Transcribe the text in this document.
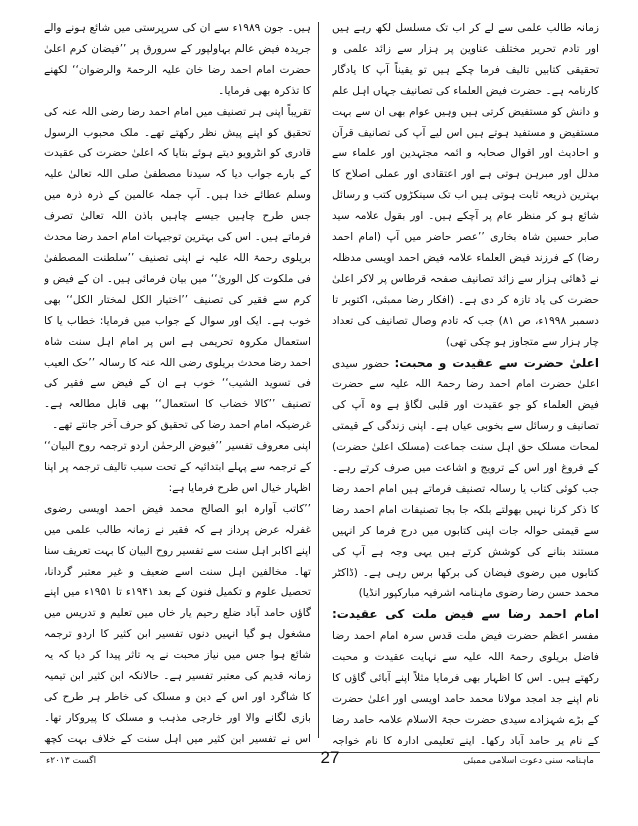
زمانہ طالب علمی سے لے کر اب تک مسلسل لکھ رہے ہیں اور تادم تحریر مختلف عناوین پر ہزار سے زائد علمی و تحقیقی کتابیں تالیف فرما چکے ہیں تو یقیناً آپ کا یادگار کارنامہ ہے۔ حضرت فیض العلماء کی تصانیف جہاں اہل علم و دانش کو مستفیض کرتی ہیں وہیں عوام بھی ان سے بہت مستفیض و مستفید ہوتے ہیں اس لیے آپ کی تصانیف قرآن و احادیث اور اقوال صحابہ و ائمہ مجتہدین اور علماء سے مدلل اور مبرہن ہوتی ہے اور اعتقادی اور عملی اصلاح کا بہترین ذریعہ ثابت ہوتی ہیں اب تک سینکڑوں کتب و رسائل شائع ہو کر منظر عام پر آچکے ہیں۔ اور بقول علامہ سید صابر حسین شاہ بخاری ’’عصر حاضر میں آپ (امام احمد رضا) کے فرزند فیض العلماء علامہ فیض احمد اویسی مدظلہ نے ڈھائی ہزار سے زائد تصانیف صفحہ قرطاس پر لاکر اعلیٰ حضرت کی یاد تازہ کر دی ہے۔ (افکار رضا ممبئی، اکتوبر تا دسمبر ۱۹۹۸ء، ص ۸۱) جب کہ تادم وصال تصانیف کی تعداد چار ہزار سے متجاوز ہو چکی تھی)

اعلیٰ حضرت سے عقیدت و محبت: حضور سیدی اعلیٰ حضرت امام احمد رضا رحمۃ اللہ علیہ سے حضرت فیض العلماء کو جو عقیدت اور قلبی لگاؤ ہے وہ آپ کی تصانیف و رسائل سے بخوبی عیاں ہے۔ اپنی زندگی کے قیمتی لمحات مسلک حق اہل سنت جماعت (مسلک اعلیٰ حضرت) کے فروغ اور اس کے ترویج و اشاعت میں صرف کرتے رہے۔ جب کوئی کتاب یا رسالہ تصنیف فرماتے ہیں امام احمد رضا کا ذکر کرنا نہیں بھولتے بلکہ جا بجا تصنیفات امام احمد رضا سے قیمتی حوالہ جات اپنی کتابوں میں درج فرما کر انہیں مستند بنانے کی کوشش کرتے ہیں یہی وجہ ہے آپ کی کتابوں میں رضوی فیضان کی برکھا برس رہی ہے۔ (ڈاکٹر محمد حسن رضا رضوی ماہنامہ اشرفیہ مبارکپور انڈیا)

امام احمد رضا سے فیض ملت کی عقیدت: مفسر اعظم حضرت فیض ملت قدس سرہ امام احمد رضا فاضل بریلوی رحمۃ اللہ علیہ سے نہایت عقیدت و محبت رکھتے ہیں۔ اس کا اظہار بھی فرمایا مثلاً اپنے آبائی گاؤں کا نام اپنے جد امجد مولانا محمد حامد اویسی اور اعلیٰ حضرت کے بڑے شہزادے سیدی حضرت حجۃ الاسلام علامہ حامد رضا کے نام پر حامد آباد رکھا۔ اپنے تعلیمی ادارہ کا نام خواجہ

ہیں۔ جون ۱۹۸۹ء سے ان کی سرپرستی میں شائع ہونے والے جریدہ فیض عالم بہاولپور کے سرورق پر ’’فیضان کرم اعلیٰ حضرت امام احمد رضا خان علیہ الرحمۃ والرضوان‘‘ لکھنے کا تذکرہ بھی فرمایا۔

تقریباً اپنی ہر تصنیف میں امام احمد رضا رضی اللہ عنہ کی تحقیق کو اپنے پیش نظر رکھتے تھے۔ ملک محبوب الرسول قادری کو انٹرویو دیتے ہوئے بتایا کہ اعلیٰ حضرت کی عقیدت کے بارے جواب دیا کہ سیدنا مصطفیٰ صلی اللہ تعالیٰ علیہ وسلم عطائے خدا ہیں۔ آپ جملہ عالمین کے ذرہ ذرہ میں جس طرح چاہیں جیسے چاہیں باذن اللہ تعالیٰ تصرف فرماتے ہیں۔ اس کی بہترین توجیہات امام احمد رضا محدث بریلوی رحمۃ اللہ علیہ نے اپنی تصنیف ’’سلطنت المصطفیٰ فی ملکوت کل الوریٰ‘‘ میں بیان فرمائی ہیں۔ ان کے فیض و کرم سے فقیر کی تصنیف ’’اختیار الکل لمختار الکل‘‘ بھی خوب ہے۔ ایک اور سوال کے جواب میں فرمایا: خطاب یا کا استعمال مکروہ تحریمی ہے اس پر امام اہل سنت شاہ احمد رضا محدث بریلوی رضی اللہ عنہ کا رسالہ ’’حک العیب فی تسوید الشیب‘‘ خوب ہے ان کے فیض سے فقیر کی تصنیف ’’کالا خضاب کا استعمال‘‘ بھی قابل مطالعہ ہے۔ غرضیکہ امام احمد رضا کی تحقیق کو حرف آخر جانتے تھے۔

اپنی معروف تفسیر ’’فیوض الرحمٰن اردو ترجمہ روح البیان‘‘ کے ترجمہ سے پہلے ابتدائیہ کے تحت سبب تالیف ترجمہ پر اپنا اظہار خیال اس طرح فرمایا ہے:

’’کاتب آوارہ ابو الصالح محمد فیض احمد اویسی رضوی غفرلہ عرض پرداز ہے کہ فقیر نے زمانہ طالب علمی میں اپنے اکابر اہل سنت سے تفسیر روح البیان کا بہت تعریف سنا تھا۔ مخالفین اہل سنت اسے ضعیف و غیر معتبر گردانا، تحصیل علوم و تکمیل فنون کے بعد ۱۹۴۱ء تا ۱۹۵۱ء میں اپنے گاؤں حامد آباد ضلع رحیم یار خاں میں تعلیم و تدریس میں مشغول ہو گیا انہیں دنوں تفسیر ابن کثیر کا اردو ترجمہ شائع ہوا جس میں نیاز محبت نے یہ تاثر پیدا کر دیا کہ یہ زمانہ قدیم کی معتبر تفسیر ہے۔ حالانکہ ابن کثیر ابن تیمیہ کا شاگرد اور اس کے دین و مسلک کی خاطر ہر طرح کی بازی لگانے والا اور خارجی مذہب و مسلک کا پیروکار تھا۔ اس نے تفسیر ابن کثیر میں اہل سنت کے خلاف بہت کچھ

اگست ۲۰۱۳ء	27	ماہنامہ سنی دعوت اسلامی ممبئی
